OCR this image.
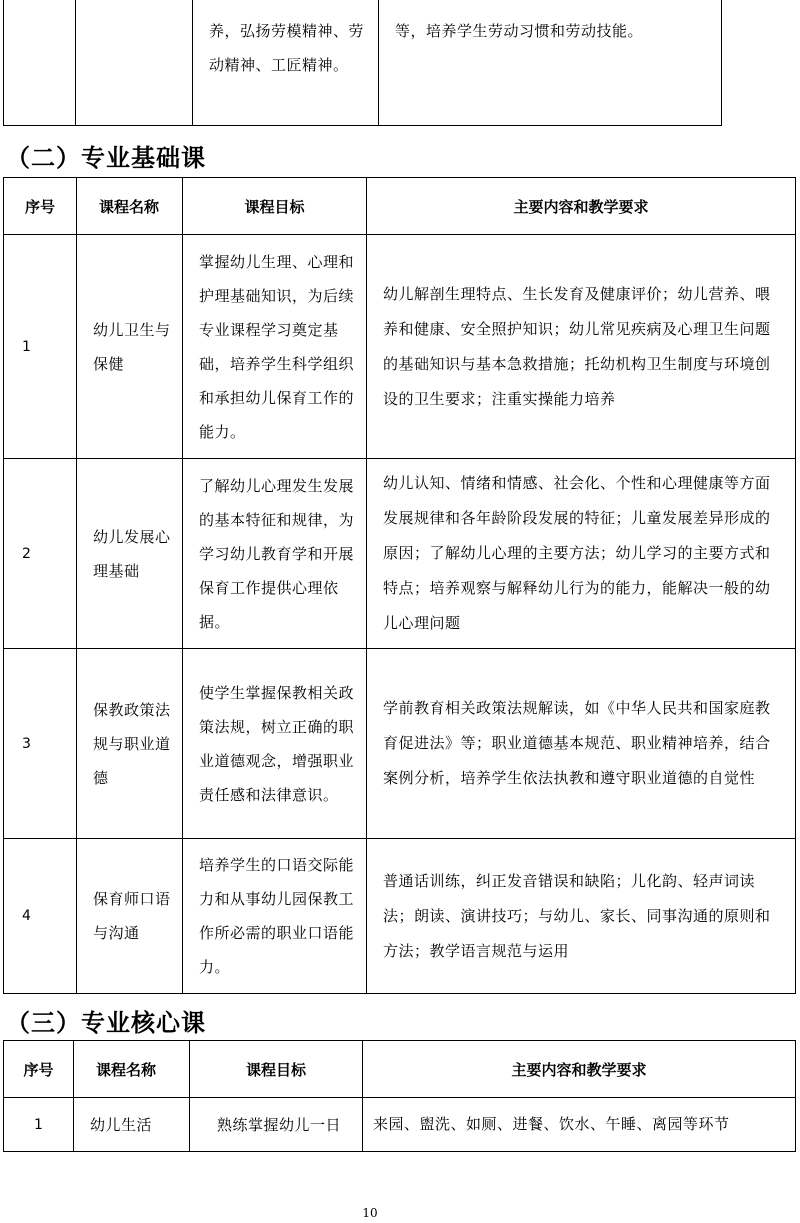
		养，弘扬劳模精神、劳动精神、工匠精神。	等，培养学生劳动习惯和劳动技能。
（二）专业基础课
序号	课程名称	课程目标	主要内容和教学要求
1	幼儿卫生与保健	掌握幼儿生理、心理和护理基础知识，为后续专业课程学习奠定基础，培养学生科学组织和承担幼儿保育工作的能力。	幼儿解剖生理特点、生长发育及健康评价；幼儿营养、喂养和健康、安全照护知识；幼儿常见疾病及心理卫生问题的基础知识与基本急救措施；托幼机构卫生制度与环境创设的卫生要求；注重实操能力培养
2	幼儿发展心理基础	了解幼儿心理发生发展的基本特征和规律，为学习幼儿教育学和开展保育工作提供心理依据。	幼儿认知、情绪和情感、社会化、个性和心理健康等方面发展规律和各年龄阶段发展的特征；儿童发展差异形成的原因；了解幼儿心理的主要方法；幼儿学习的主要方式和特点；培养观察与解释幼儿行为的能力，能解决一般的幼儿心理问题
3	保教政策法规与职业道德	使学生掌握保教相关政策法规，树立正确的职业道德观念，增强职业责任感和法律意识。	学前教育相关政策法规解读，如《中华人民共和国家庭教育促进法》等；职业道德基本规范、职业精神培养，结合案例分析，培养学生依法执教和遵守职业道德的自觉性
4	保育师口语与沟通	培养学生的口语交际能力和从事幼儿园保教工作所必需的职业口语能力。	普通话训练，纠正发音错误和缺陷；儿化韵、轻声词读法；朗读、演讲技巧；与幼儿、家长、同事沟通的原则和方法；教学语言规范与运用
（三）专业核心课
序号	课程名称	课程目标	主要内容和教学要求
1	幼儿生活	熟练掌握幼儿一日	来园、盥洗、如厕、进餐、饮水、午睡、离园等环节
10
